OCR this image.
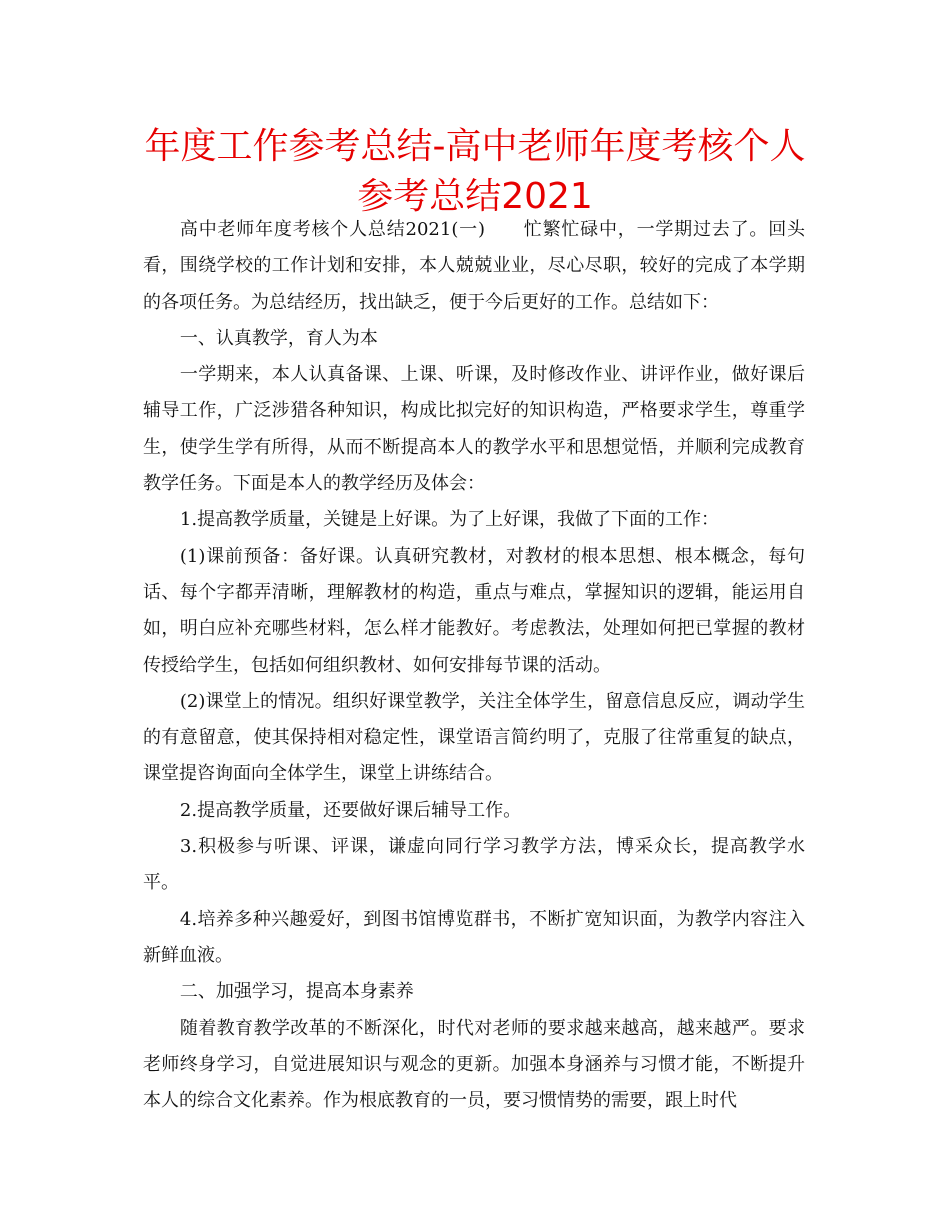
年度工作参考总结-高中老师年度考核个人参考总结2021

高中老师年度考核个人总结2021(一) 忙繁忙碌中，一学期过去了。回头看，围绕学校的工作计划和安排，本人兢兢业业，尽心尽职，较好的完成了本学期的各项任务。为总结经历，找出缺乏，便于今后更好的工作。总结如下：

一、认真教学，育人为本

一学期来，本人认真备课、上课、听课，及时修改作业、讲评作业，做好课后辅导工作，广泛涉猎各种知识，构成比拟完好的知识构造，严格要求学生，尊重学生，使学生学有所得，从而不断提高本人的教学水平和思想觉悟，并顺利完成教育教学任务。下面是本人的教学经历及体会：

1.提高教学质量，关键是上好课。为了上好课，我做了下面的工作：

(1)课前预备：备好课。认真研究教材，对教材的根本思想、根本概念，每句话、每个字都弄清晰，理解教材的构造，重点与难点，掌握知识的逻辑，能运用自如，明白应补充哪些材料，怎么样才能教好。考虑教法，处理如何把已掌握的教材传授给学生，包括如何组织教材、如何安排每节课的活动。

(2)课堂上的情况。组织好课堂教学，关注全体学生，留意信息反应，调动学生的有意留意，使其保持相对稳定性，课堂语言简约明了，克服了往常重复的缺点，课堂提咨询面向全体学生，课堂上讲练结合。

2.提高教学质量，还要做好课后辅导工作。

3.积极参与听课、评课，谦虚向同行学习教学方法，博采众长，提高教学水平。

4.培养多种兴趣爱好，到图书馆博览群书，不断扩宽知识面，为教学内容注入新鲜血液。

二、加强学习，提高本身素养

随着教育教学改革的不断深化，时代对老师的要求越来越高，越来越严。要求老师终身学习，自觉进展知识与观念的更新。加强本身涵养与习惯才能，不断提升本人的综合文化素养。作为根底教育的一员，要习惯情势的需要，跟上时代
